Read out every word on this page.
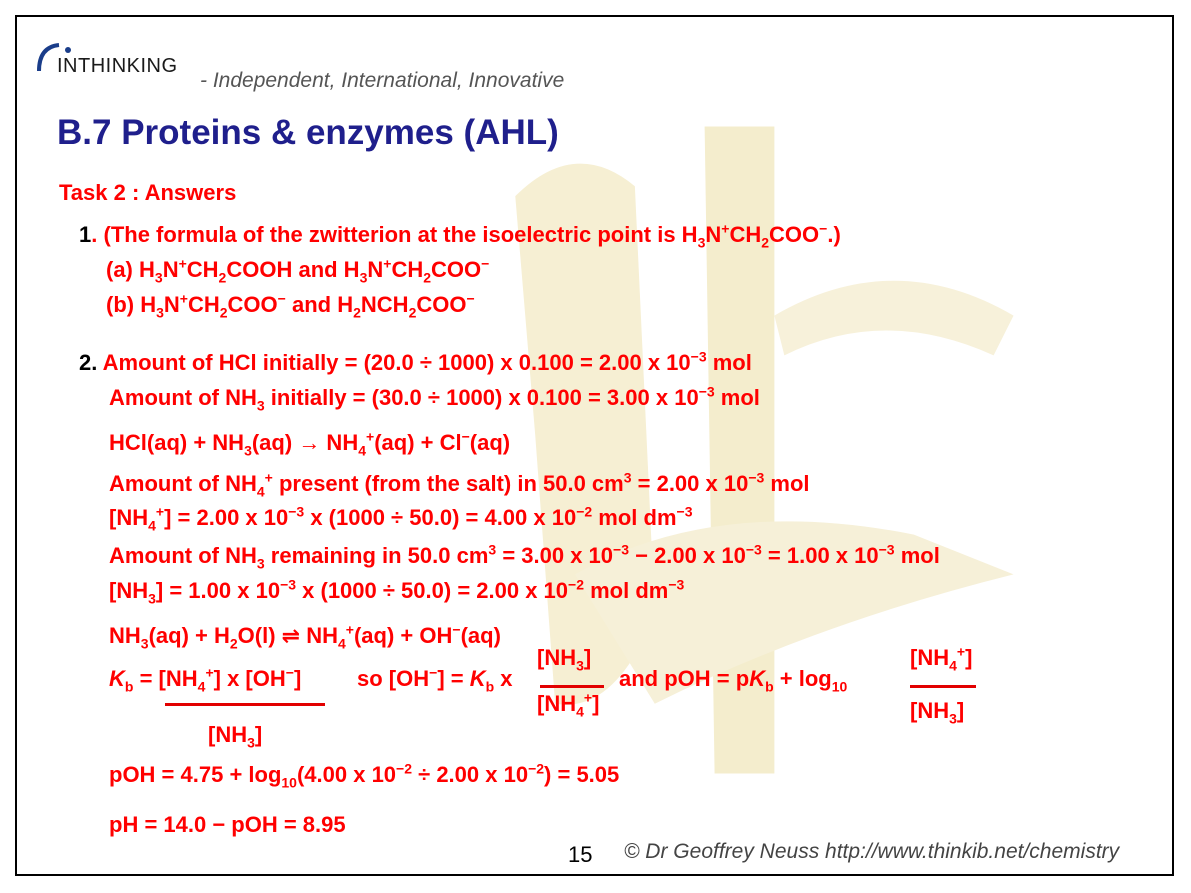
INTHINKING
- Independent, International, Innovative
B.7 Proteins & enzymes (AHL)
Task 2 : Answers
1. (The formula of the zwitterion at the isoelectric point is $H_3N^+CH_2COO^-$.)
(a) $H_3N^+CH_2COOH$ and $H_3N^+CH_2COO^-$
(b) $H_3N^+CH_2COO^-$ and $H_2NCH_2COO^-$
2. Amount of HCl initially = (20.0 ÷ 1000) x 0.100 = 2.00 x $10^{-3}$ mol
Amount of $NH_3$ initially = (30.0 ÷ 1000) x 0.100 = 3.00 x $10^{-3}$ mol
$HCl(aq) + NH_3(aq) \to NH_4^+(aq) + Cl^-(aq)$
Amount of $NH_4^+$ present (from the salt) in 50.0 $cm^3 = 2.00$ x $10^{-3}$ mol
$[NH_4^+] = 2.00$ x $10^{-3}$ x (1000 ÷ 50.0) = 4.00 x $10^{-2}$ mol $dm^{-3}$
Amount of $NH_3$ remaining in 50.0 $cm^3 = 3.00$ x $10^{-3} - 2.00$ x $10^{-3} = 1.00$ x $10^{-3}$ mol
$[NH_3] = 1.00$ x $10^{-3}$ x (1000 ÷ 50.0) = 2.00 x $10^{-2}$ mol $dm^{-3}$
$NH_3(aq) + H_2O(l)$ ⇌ $NH_4^+(aq) + OH^-(aq)$
$K_b = [NH_4^+]$ x [OH−]
$[NH_3]$
so $[OH^-] = K_b$ x
$[NH_3]$
$[NH_4^+]$
and pOH = $pK_b + \log_{10}$
$[NH_4^+]$
$[NH_3]$
pOH = $4.75 + \log_{10}(4.00$ x $10^{-2} \div 2.00$ x $10^{-2}) = 5.05$
pH = 14.0 − pOH = 8.95
15 © Dr Geoffrey Neuss http://www.thinkib.net/chemistry
